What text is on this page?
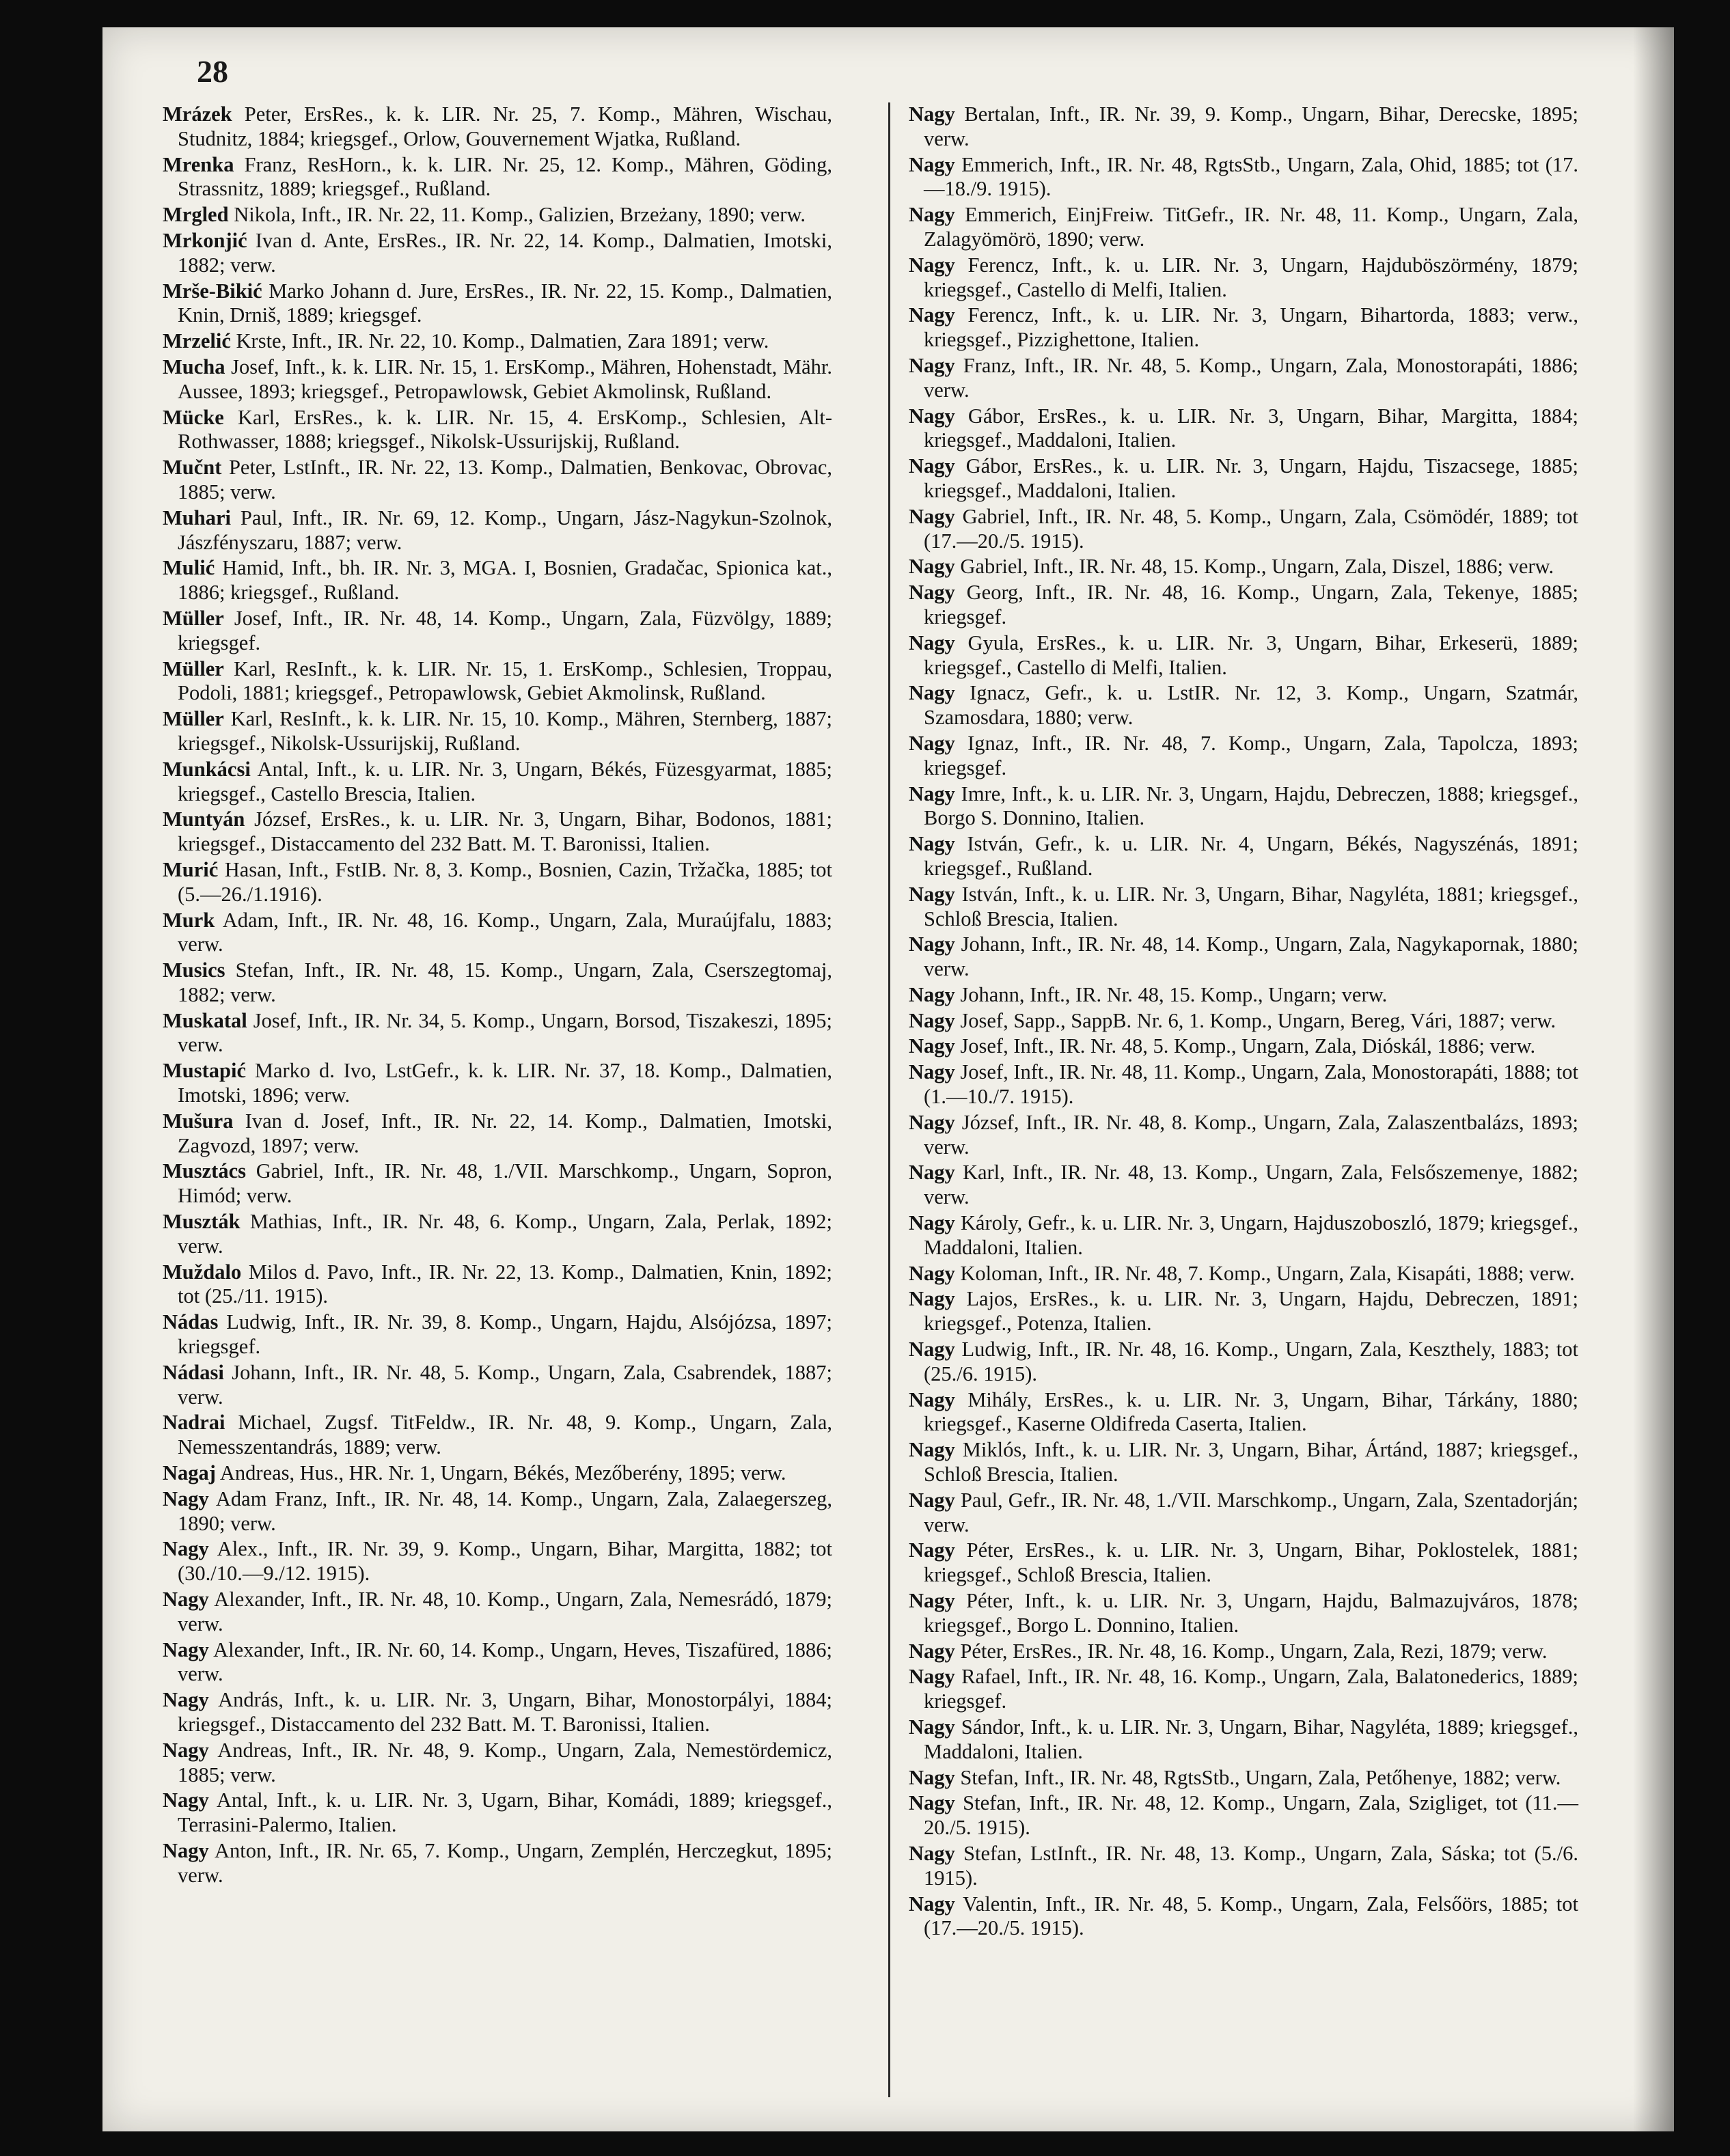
28

Mrázek Peter, ErsRes., k. k. LIR. Nr. 25, 7. Komp., Mähren, Wischau, Studnitz, 1884; kriegsgef., Orlow, Gouvernement Wjatka, Rußland.

Mrenka Franz, ResHorn., k. k. LIR. Nr. 25, 12. Komp., Mähren, Göding, Strassnitz, 1889; kriegsgef., Rußland.

Mrgled Nikola, Inft., IR. Nr. 22, 11. Komp., Galizien, Brzeżany, 1890; verw.

Mrkonjić Ivan d. Ante, ErsRes., IR. Nr. 22, 14. Komp., Dalmatien, Imotski, 1882; verw.

Mrše-Bikić Marko Johann d. Jure, ErsRes., IR. Nr. 22, 15. Komp., Dalmatien, Knin, Drniš, 1889; kriegsgef.

Mrzelić Krste, Inft., IR. Nr. 22, 10. Komp., Dalmatien, Zara 1891; verw.

Mucha Josef, Inft., k. k. LIR. Nr. 15, 1. ErsKomp., Mähren, Hohenstadt, Mähr. Aussee, 1893; kriegsgef., Petropawlowsk, Gebiet Akmolinsk, Rußland.

Mücke Karl, ErsRes., k. k. LIR. Nr. 15, 4. ErsKomp., Schlesien, Alt-Rothwasser, 1888; kriegsgef., Nikolsk-Ussurijskij, Rußland.

Mučnt Peter, LstInft., IR. Nr. 22, 13. Komp., Dalmatien, Benkovac, Obrovac, 1885; verw.

Muhari Paul, Inft., IR. Nr. 69, 12. Komp., Ungarn, Jász-Nagykun-Szolnok, Jászfényszaru, 1887; verw.

Mulić Hamid, Inft., bh. IR. Nr. 3, MGA. I, Bosnien, Gradačac, Spionica kat., 1886; kriegsgef., Rußland.

Müller Josef, Inft., IR. Nr. 48, 14. Komp., Ungarn, Zala, Füzvölgy, 1889; kriegsgef.

Müller Karl, ResInft., k. k. LIR. Nr. 15, 1. ErsKomp., Schlesien, Troppau, Podoli, 1881; kriegsgef., Petropawlowsk, Gebiet Akmolinsk, Rußland.

Müller Karl, ResInft., k. k. LIR. Nr. 15, 10. Komp., Mähren, Sternberg, 1887; kriegsgef., Nikolsk-Ussurijskij, Rußland.

Munkácsi Antal, Inft., k. u. LIR. Nr. 3, Ungarn, Békés, Füzesgyarmat, 1885; kriegsgef., Castello Brescia, Italien.

Muntyán József, ErsRes., k. u. LIR. Nr. 3, Ungarn, Bihar, Bodonos, 1881; kriegsgef., Distaccamento del 232 Batt. M. T. Baronissi, Italien.

Murić Hasan, Inft., FstIB. Nr. 8, 3. Komp., Bosnien, Cazin, Tržačka, 1885; tot (5.—26./1.1916).

Murk Adam, Inft., IR. Nr. 48, 16. Komp., Ungarn, Zala, Muraújfalu, 1883; verw.

Musics Stefan, Inft., IR. Nr. 48, 15. Komp., Ungarn, Zala, Cserszegtomaj, 1882; verw.

Muskatal Josef, Inft., IR. Nr. 34, 5. Komp., Ungarn, Borsod, Tiszakeszi, 1895; verw.

Mustapić Marko d. Ivo, LstGefr., k. k. LIR. Nr. 37, 18. Komp., Dalmatien, Imotski, 1896; verw.

Mušura Ivan d. Josef, Inft., IR. Nr. 22, 14. Komp., Dalmatien, Imotski, Zagvozd, 1897; verw.

Musztács Gabriel, Inft., IR. Nr. 48, 1./VII. Marschkomp., Ungarn, Sopron, Himód; verw.

Muszták Mathias, Inft., IR. Nr. 48, 6. Komp., Ungarn, Zala, Perlak, 1892; verw.

Muždalo Milos d. Pavo, Inft., IR. Nr. 22, 13. Komp., Dalmatien, Knin, 1892; tot (25./11. 1915).

Nádas Ludwig, Inft., IR. Nr. 39, 8. Komp., Ungarn, Hajdu, Alsójózsa, 1897; kriegsgef.

Nádasi Johann, Inft., IR. Nr. 48, 5. Komp., Ungarn, Zala, Csabrendek, 1887; verw.

Nadrai Michael, Zugsf. TitFeldw., IR. Nr. 48, 9. Komp., Ungarn, Zala, Nemesszentandrás, 1889; verw.

Nagaj Andreas, Hus., HR. Nr. 1, Ungarn, Békés, Mezőberény, 1895; verw.

Nagy Adam Franz, Inft., IR. Nr. 48, 14. Komp., Ungarn, Zala, Zalaegerszeg, 1890; verw.

Nagy Alex., Inft., IR. Nr. 39, 9. Komp., Ungarn, Bihar, Margitta, 1882; tot (30./10.—9./12. 1915).

Nagy Alexander, Inft., IR. Nr. 48, 10. Komp., Ungarn, Zala, Nemesrádó, 1879; verw.

Nagy Alexander, Inft., IR. Nr. 60, 14. Komp., Ungarn, Heves, Tiszafüred, 1886; verw.

Nagy András, Inft., k. u. LIR. Nr. 3, Ungarn, Bihar, Monostorpályi, 1884; kriegsgef., Distaccamento del 232 Batt. M. T. Baronissi, Italien.

Nagy Andreas, Inft., IR. Nr. 48, 9. Komp., Ungarn, Zala, Nemestördemicz, 1885; verw.

Nagy Antal, Inft., k. u. LIR. Nr. 3, Ugarn, Bihar, Komádi, 1889; kriegsgef., Terrasini-Palermo, Italien.

Nagy Anton, Inft., IR. Nr. 65, 7. Komp., Ungarn, Zemplén, Herczegkut, 1895; verw.

Nagy Bertalan, Inft., IR. Nr. 39, 9. Komp., Ungarn, Bihar, Derecske, 1895; verw.

Nagy Emmerich, Inft., IR. Nr. 48, RgtsStb., Ungarn, Zala, Ohid, 1885; tot (17.—18./9. 1915).

Nagy Emmerich, EinjFreiw. TitGefr., IR. Nr. 48, 11. Komp., Ungarn, Zala, Zalagyömörö, 1890; verw.

Nagy Ferencz, Inft., k. u. LIR. Nr. 3, Ungarn, Hajduböszörmény, 1879; kriegsgef., Castello di Melfi, Italien.

Nagy Ferencz, Inft., k. u. LIR. Nr. 3, Ungarn, Bihartorda, 1883; verw., kriegsgef., Pizzighettone, Italien.

Nagy Franz, Inft., IR. Nr. 48, 5. Komp., Ungarn, Zala, Monostorapáti, 1886; verw.

Nagy Gábor, ErsRes., k. u. LIR. Nr. 3, Ungarn, Bihar, Margitta, 1884; kriegsgef., Maddaloni, Italien.

Nagy Gábor, ErsRes., k. u. LIR. Nr. 3, Ungarn, Hajdu, Tiszacsege, 1885; kriegsgef., Maddaloni, Italien.

Nagy Gabriel, Inft., IR. Nr. 48, 5. Komp., Ungarn, Zala, Csömödér, 1889; tot (17.—20./5. 1915).

Nagy Gabriel, Inft., IR. Nr. 48, 15. Komp., Ungarn, Zala, Diszel, 1886; verw.

Nagy Georg, Inft., IR. Nr. 48, 16. Komp., Ungarn, Zala, Tekenye, 1885; kriegsgef.

Nagy Gyula, ErsRes., k. u. LIR. Nr. 3, Ungarn, Bihar, Erkeserü, 1889; kriegsgef., Castello di Melfi, Italien.

Nagy Ignacz, Gefr., k. u. LstIR. Nr. 12, 3. Komp., Ungarn, Szatmár, Szamosdara, 1880; verw.

Nagy Ignaz, Inft., IR. Nr. 48, 7. Komp., Ungarn, Zala, Tapolcza, 1893; kriegsgef.

Nagy Imre, Inft., k. u. LIR. Nr. 3, Ungarn, Hajdu, Debreczen, 1888; kriegsgef., Borgo S. Donnino, Italien.

Nagy István, Gefr., k. u. LIR. Nr. 4, Ungarn, Békés, Nagyszénás, 1891; kriegsgef., Rußland.

Nagy István, Inft., k. u. LIR. Nr. 3, Ungarn, Bihar, Nagyléta, 1881; kriegsgef., Schloß Brescia, Italien.

Nagy Johann, Inft., IR. Nr. 48, 14. Komp., Ungarn, Zala, Nagykapornak, 1880; verw.

Nagy Johann, Inft., IR. Nr. 48, 15. Komp., Ungarn; verw.

Nagy Josef, Sapp., SappB. Nr. 6, 1. Komp., Ungarn, Bereg, Vári, 1887; verw.

Nagy Josef, Inft., IR. Nr. 48, 5. Komp., Ungarn, Zala, Dióskál, 1886; verw.

Nagy Josef, Inft., IR. Nr. 48, 11. Komp., Ungarn, Zala, Monostorapáti, 1888; tot (1.—10./7. 1915).

Nagy József, Inft., IR. Nr. 48, 8. Komp., Ungarn, Zala, Zalaszentbalázs, 1893; verw.

Nagy Karl, Inft., IR. Nr. 48, 13. Komp., Ungarn, Zala, Felsőszemenye, 1882; verw.

Nagy Károly, Gefr., k. u. LIR. Nr. 3, Ungarn, Hajduszoboszló, 1879; kriegsgef., Maddaloni, Italien.

Nagy Koloman, Inft., IR. Nr. 48, 7. Komp., Ungarn, Zala, Kisapáti, 1888; verw.

Nagy Lajos, ErsRes., k. u. LIR. Nr. 3, Ungarn, Hajdu, Debreczen, 1891; kriegsgef., Potenza, Italien.

Nagy Ludwig, Inft., IR. Nr. 48, 16. Komp., Ungarn, Zala, Keszthely, 1883; tot (25./6. 1915).

Nagy Mihály, ErsRes., k. u. LIR. Nr. 3, Ungarn, Bihar, Tárkány, 1880; kriegsgef., Kaserne Oldifreda Caserta, Italien.

Nagy Miklós, Inft., k. u. LIR. Nr. 3, Ungarn, Bihar, Ártánd, 1887; kriegsgef., Schloß Brescia, Italien.

Nagy Paul, Gefr., IR. Nr. 48, 1./VII. Marschkomp., Ungarn, Zala, Szentadorján; verw.

Nagy Péter, ErsRes., k. u. LIR. Nr. 3, Ungarn, Bihar, Poklostelek, 1881; kriegsgef., Schloß Brescia, Italien.

Nagy Péter, Inft., k. u. LIR. Nr. 3, Ungarn, Hajdu, Balmazujváros, 1878; kriegsgef., Borgo L. Donnino, Italien.

Nagy Péter, ErsRes., IR. Nr. 48, 16. Komp., Ungarn, Zala, Rezi, 1879; verw.

Nagy Rafael, Inft., IR. Nr. 48, 16. Komp., Ungarn, Zala, Balatonederics, 1889; kriegsgef.

Nagy Sándor, Inft., k. u. LIR. Nr. 3, Ungarn, Bihar, Nagyléta, 1889; kriegsgef., Maddaloni, Italien.

Nagy Stefan, Inft., IR. Nr. 48, RgtsStb., Ungarn, Zala, Petőhenye, 1882; verw.

Nagy Stefan, Inft., IR. Nr. 48, 12. Komp., Ungarn, Zala, Szigliget, tot (11.—20./5. 1915).

Nagy Stefan, LstInft., IR. Nr. 48, 13. Komp., Ungarn, Zala, Sáska; tot (5./6. 1915).

Nagy Valentin, Inft., IR. Nr. 48, 5. Komp., Ungarn, Zala, Felsőörs, 1885; tot (17.—20./5. 1915).
